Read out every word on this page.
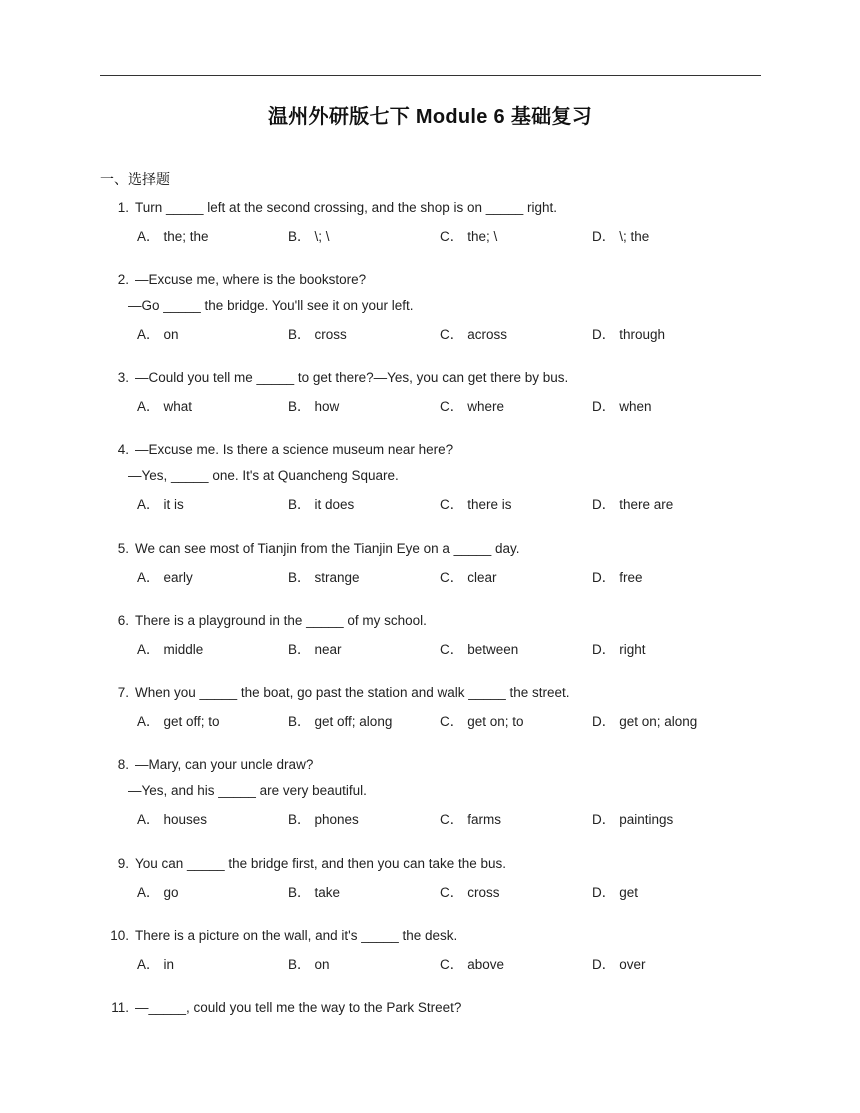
温州外研版七下 Module 6 基础复习
一、选择题
1. Turn _____ left at the second crossing, and the shop is on _____ right.
A． the; the	B． \; \	C． the; \	D． \; the
2. —Excuse me, where is the bookstore?
—Go _____ the bridge. You'll see it on your left.
A． on	B． cross	C． across	D． through
3. —Could you tell me _____ to get there?—Yes, you can get there by bus.
A． what	B． how	C． where	D． when
4. —Excuse me. Is there a science museum near here?
—Yes, _____ one. It's at Quancheng Square.
A． it is	B． it does	C． there is	D． there are
5. We can see most of Tianjin from the Tianjin Eye on a _____ day.
A． early	B． strange	C． clear	D． free
6. There is a playground in the _____ of my school.
A． middle	B． near	C． between	D． right
7. When you _____ the boat, go past the station and walk _____ the street.
A． get off; to	B． get off; along	C． get on; to	D． get on; along
8. —Mary, can your uncle draw?
—Yes, and his _____ are very beautiful.
A． houses	B． phones	C． farms	D． paintings
9. You can _____ the bridge first, and then you can take the bus.
A． go	B． take	C． cross	D． get
10. There is a picture on the wall, and it's _____ the desk.
A． in	B． on	C． above	D． over
11. —_____, could you tell me the way to the Park Street?
